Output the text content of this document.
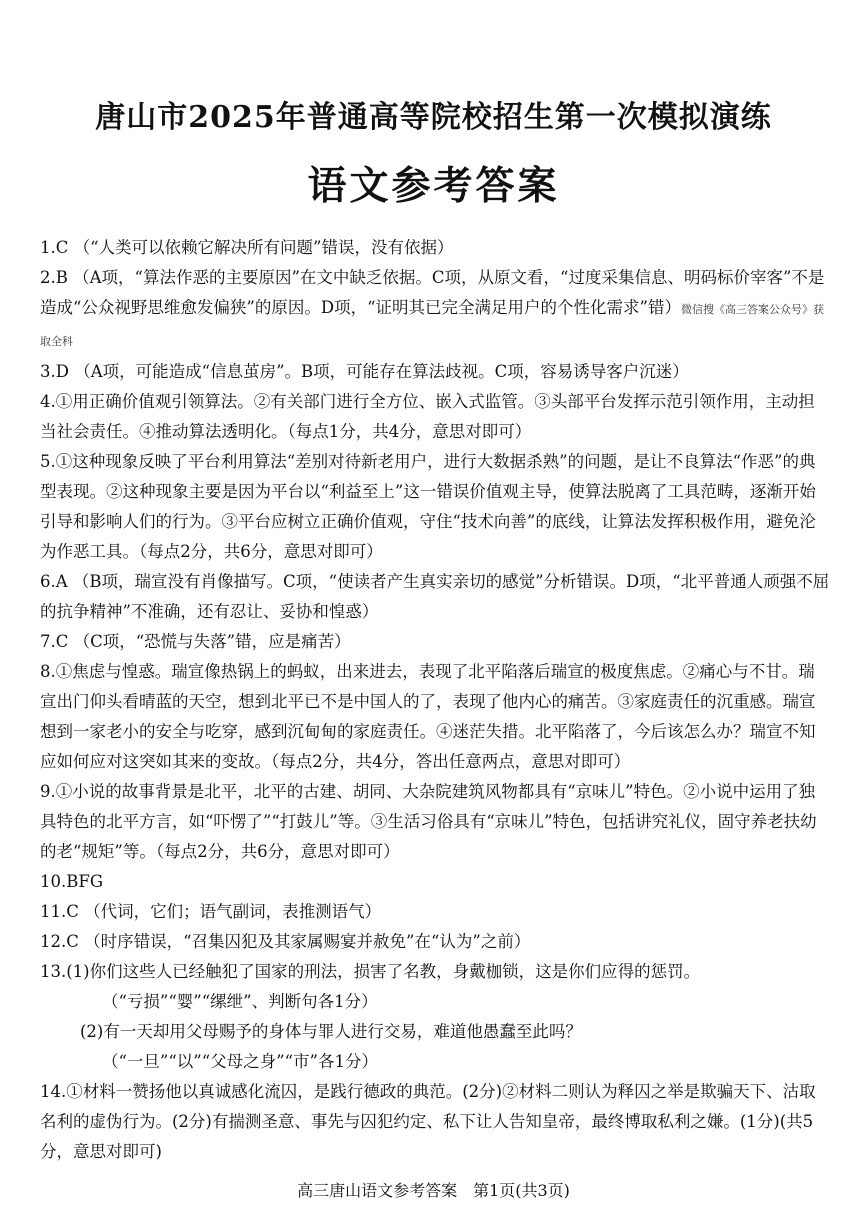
唐山市2025年普通高等院校招生第一次模拟演练
语文参考答案
1.C （“人类可以依赖它解决所有问题”错误，没有依据）
2.B （A项，“算法作恶的主要原因”在文中缺乏依据。C项，从原文看，“过度采集信息、明码标价宰客”不是造成“公众视野思维愈发偏狭”的原因。D项，“证明其已完全满足用户的个性化需求”错）微信搜《高三答案公众号》获取全科
3.D （A项，可能造成“信息茧房”。B项，可能存在算法歧视。C项，容易诱导客户沉迷）
4.①用正确价值观引领算法。②有关部门进行全方位、嵌入式监管。③头部平台发挥示范引领作用，主动担当社会责任。④推动算法透明化。（每点1分，共4分，意思对即可）
5.①这种现象反映了平台利用算法“差别对待新老用户，进行大数据杀熟”的问题，是让不良算法“作恶”的典型表现。②这种现象主要是因为平台以“利益至上”这一错误价值观主导，使算法脱离了工具范畴，逐渐开始引导和影响人们的行为。③平台应树立正确价值观，守住“技术向善”的底线，让算法发挥积极作用，避免沦为作恶工具。（每点2分，共6分，意思对即可）
6.A （B项，瑞宣没有肖像描写。C项，“使读者产生真实亲切的感觉”分析错误。D项，“北平普通人顽强不屈的抗争精神”不准确，还有忍让、妥协和惶惑）
7.C （C项，“恐慌与失落”错，应是痛苦）
8.①焦虑与惶惑。瑞宣像热锅上的蚂蚁，出来进去，表现了北平陷落后瑞宣的极度焦虑。②痛心与不甘。瑞宣出门仰头看晴蓝的天空，想到北平已不是中国人的了，表现了他内心的痛苦。③家庭责任的沉重感。瑞宣想到一家老小的安全与吃穿，感到沉甸甸的家庭责任。④迷茫失措。北平陷落了，今后该怎么办？瑞宣不知应如何应对这突如其来的变故。（每点2分，共4分，答出任意两点，意思对即可）
9.①小说的故事背景是北平，北平的古建、胡同、大杂院建筑风物都具有“京味儿”特色。②小说中运用了独具特色的北平方言，如“吓愣了”“打鼓儿”等。③生活习俗具有“京味儿”特色，包括讲究礼仪，固守养老扶幼的老“规矩”等。（每点2分，共6分，意思对即可）
10.BFG
11.C （代词，它们；语气副词，表推测语气）
12.C （时序错误，“召集囚犯及其家属赐宴并赦免”在“认为”之前）
13.(1)你们这些人已经触犯了国家的刑法，损害了名教，身戴枷锁，这是你们应得的惩罚。
（“亏损”“婴”“缧绁”、判断句各1分）
(2)有一天却用父母赐予的身体与罪人进行交易，难道他愚蠢至此吗？
（“一旦”“以”“父母之身”“市”各1分）
14.①材料一赞扬他以真诚感化流囚，是践行德政的典范。(2分)②材料二则认为释囚之举是欺骗天下、沽取名利的虚伪行为。(2分)有揣测圣意、事先与囚犯约定、私下让人告知皇帝，最终博取私利之嫌。(1分)(共5分，意思对即可)
高三唐山语文参考答案　第1页(共3页)
